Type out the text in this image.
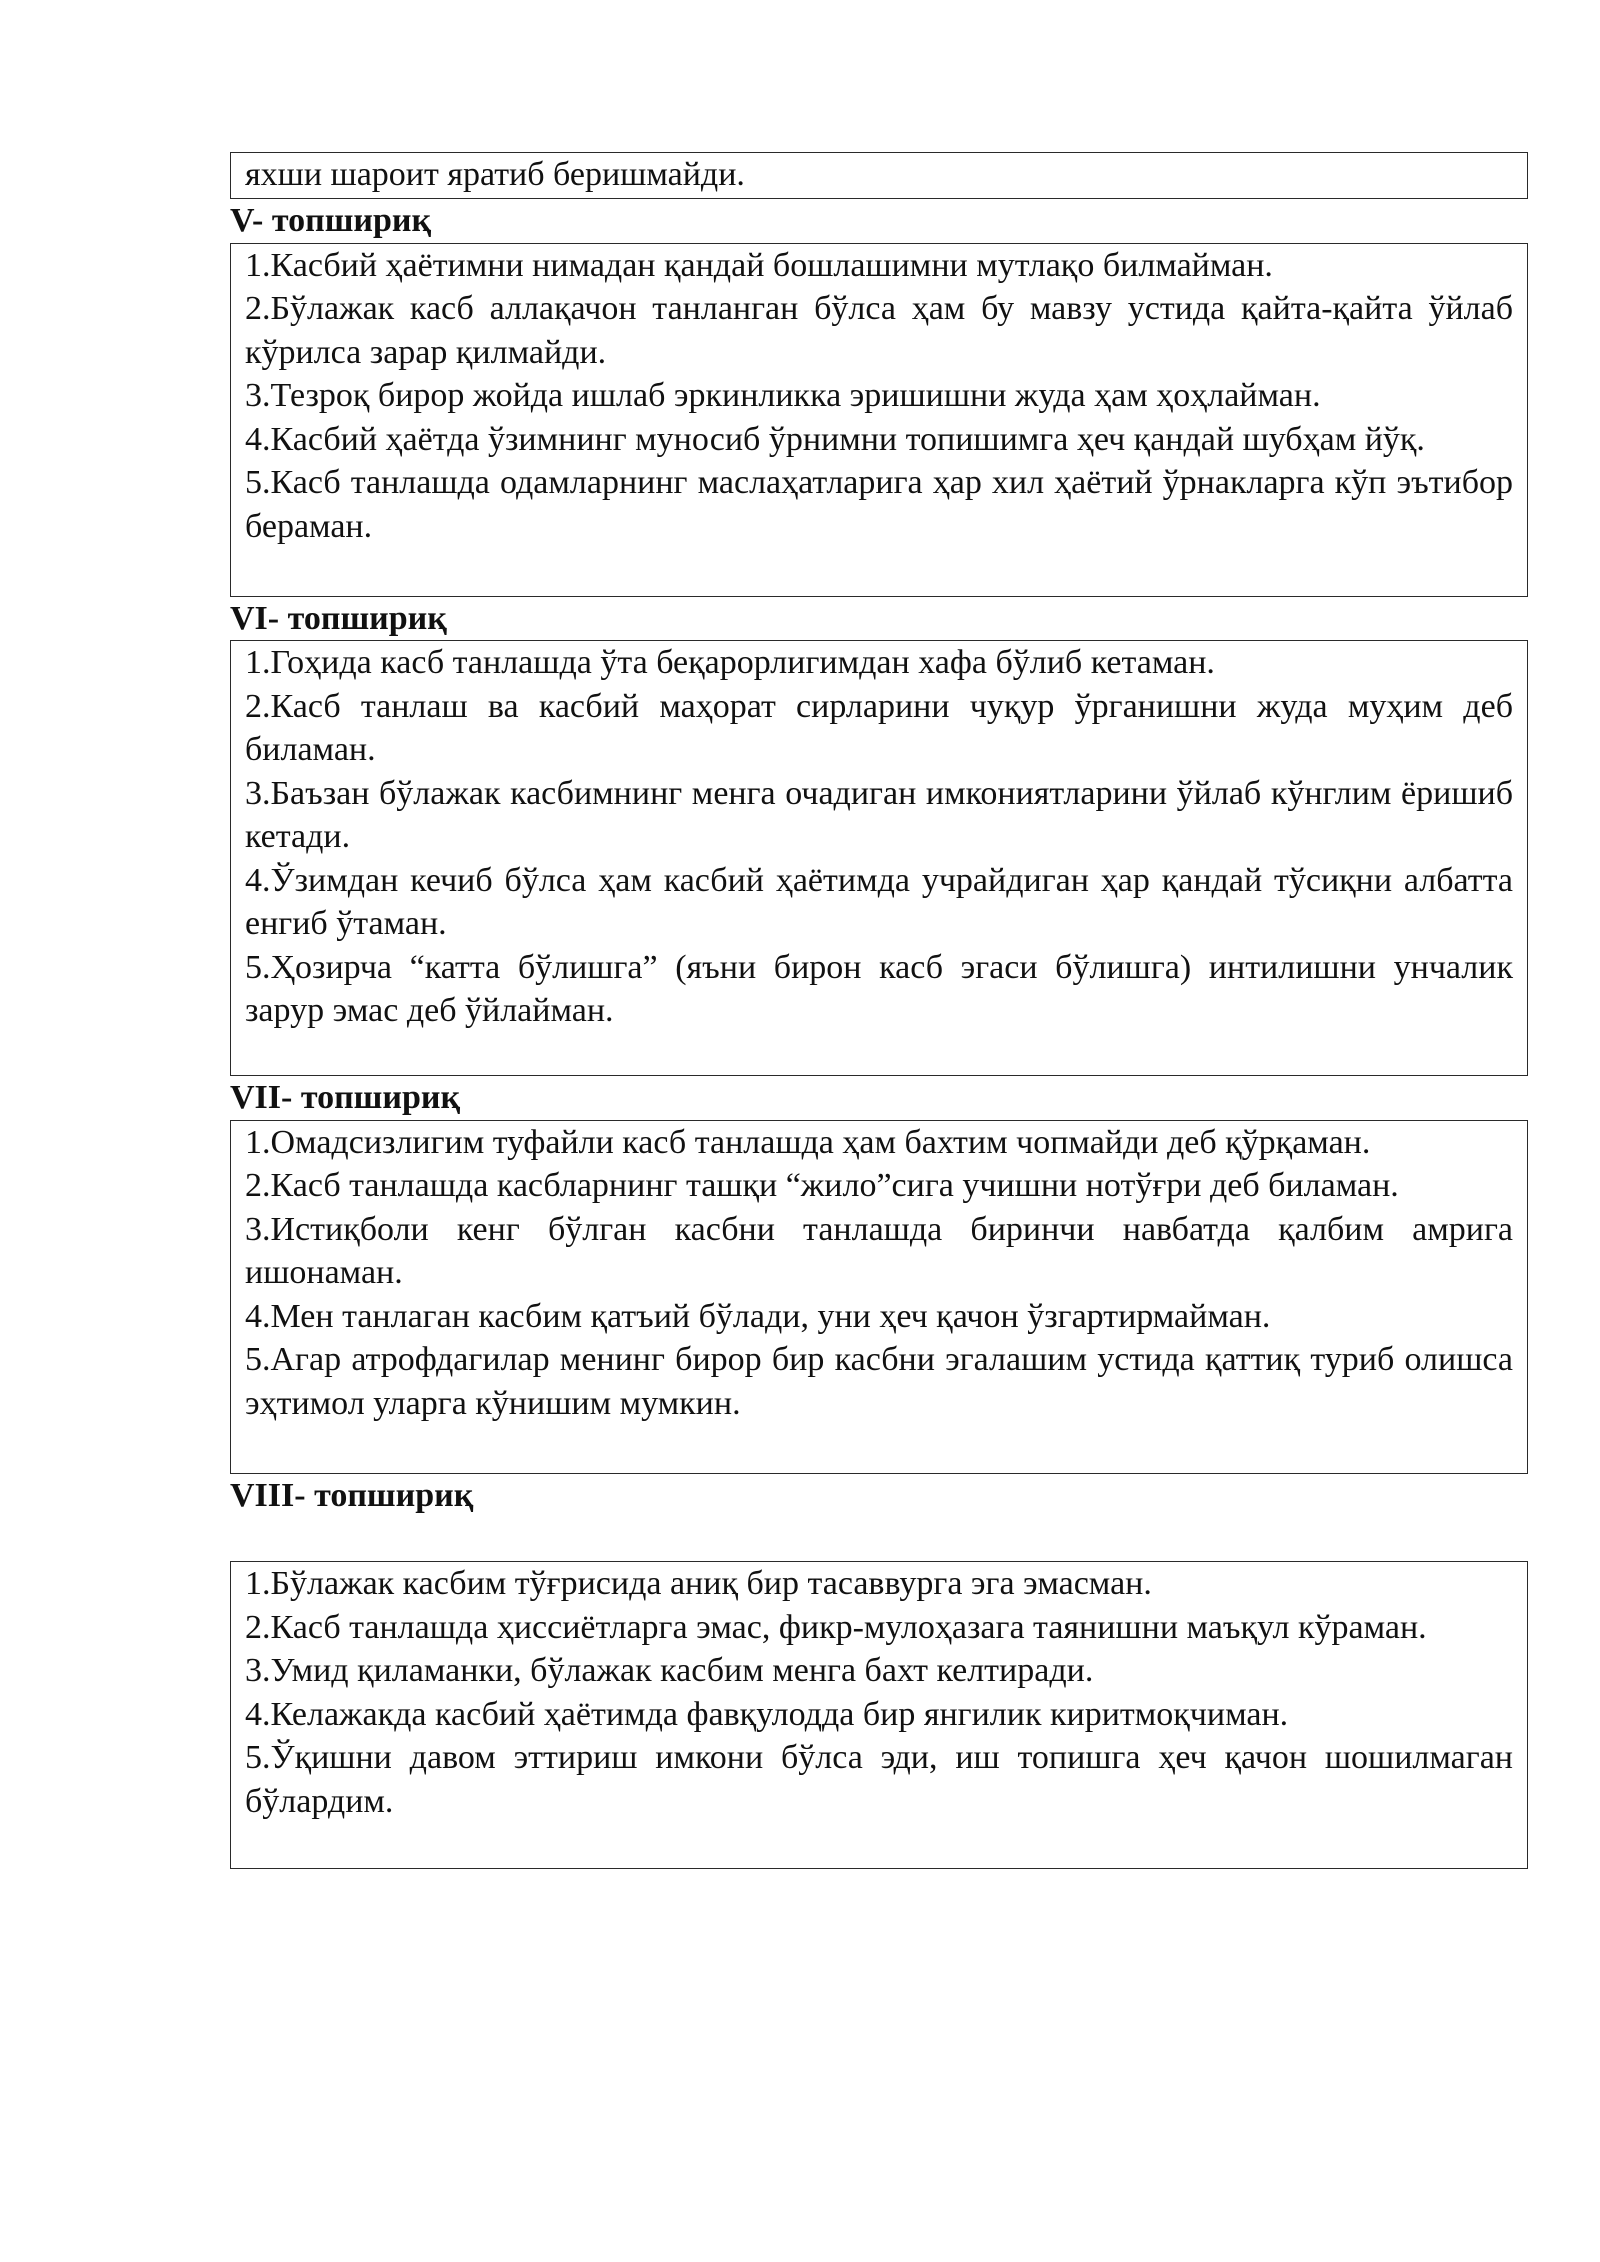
яхши шароит яратиб беришмайди.

V- топшириқ

1.Касбий ҳаётимни нимадан қандай бошлашимни мутлақо билмайман.

2.Бўлажак касб аллақачон танланган бўлса ҳам бу мавзу устида қайта-қайта ўйлаб кўрилса зарар қилмайди.

3.Тезроқ бирор жойда ишлаб эркинликка эришишни жуда ҳам ҳоҳлайман.

4.Касбий ҳаётда ўзимнинг муносиб ўрнимни топишимга ҳеч қандай шубҳам йўқ.

5.Касб танлашда одамларнинг маслаҳатларига ҳар хил ҳаётий ўрнакларга кўп эътибор бераман.

VI- топшириқ

1.Гоҳида касб танлашда ўта беқарорлигимдан хафа бўлиб кетаман.

2.Касб танлаш ва касбий маҳорат сирларини чуқур ўрганишни жуда муҳим деб биламан.

3.Баъзан бўлажак касбимнинг менга очадиган имкониятларини ўйлаб кўнглим ёришиб кетади.

4.Ўзимдан кечиб бўлса ҳам касбий ҳаётимда учрайдиган ҳар қандай тўсиқни албатта енгиб ўтаман.

5.Ҳозирча “катта бўлишга” (яъни бирон касб эгаси бўлишга) интилишни унчалик зарур эмас деб ўйлайман.

VII- топшириқ

1.Омадсизлигим туфайли касб танлашда ҳам бахтим чопмайди деб қўрқаман.

2.Касб танлашда касбларнинг ташқи “жило”сига учишни нотўғри деб биламан.

3.Истиқболи кенг бўлган касбни танлашда биринчи навбатда қалбим амрига ишонаман.

4.Мен танлаган касбим қатъий бўлади, уни ҳеч қачон ўзгартирмайман.

5.Агар атрофдагилар менинг бирор бир касбни эгалашим устида қаттиқ туриб олишса эҳтимол уларга кўнишим мумкин.

VIII- топшириқ

1.Бўлажак касбим тўғрисида аниқ бир тасаввурга эга эмасман.

2.Касб танлашда ҳиссиётларга эмас, фикр-мулоҳазага таянишни маъқул кўраман.

3.Умид қиламанки, бўлажак касбим менга бахт келтиради.

4.Келажакда касбий ҳаётимда фавқулодда бир янгилик киритмоқчиман.

5.Ўқишни давом эттириш имкони бўлса эди, иш топишга ҳеч қачон шошилмаган бўлардим.
